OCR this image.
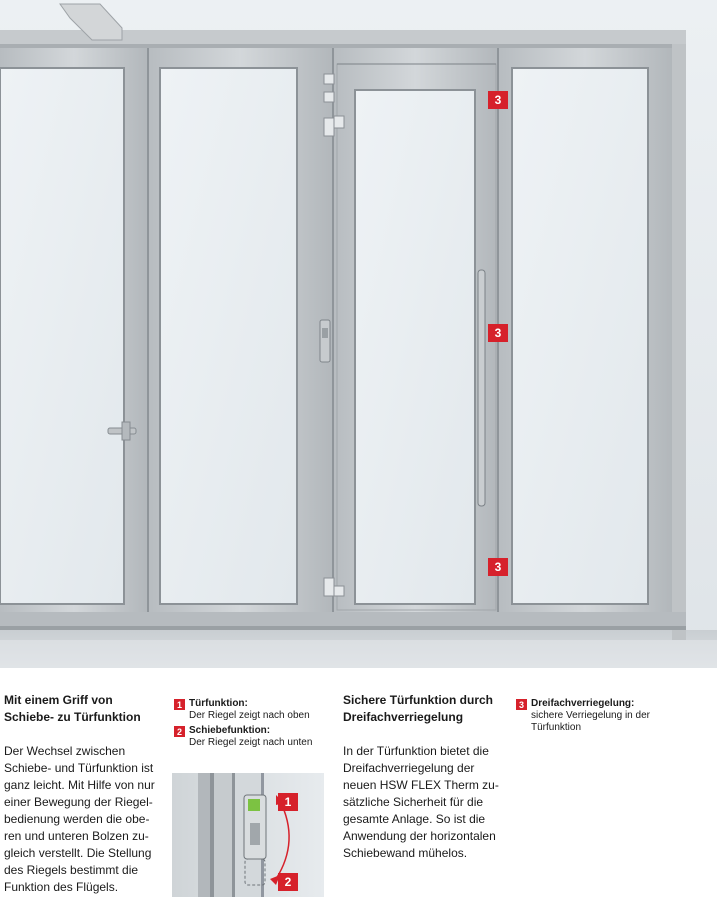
3
3
3

Mit einem Griff von

Schiebe- zu Türfunktion

Der Wechsel zwischen

Schiebe- und Türfunktion ist

ganz leicht. Mit Hilfe von nur

einer Bewegung der Riegel-

bedienung werden die obe-

ren und unteren Bolzen zu-

gleich verstellt. Die Stellung

des Riegels bestimmt die

Funktion des Flügels.

1 Türfunktion:
Der Riegel zeigt nach oben
2 Schiebefunktion:
Der Riegel zeigt nach unten
1
2

Sichere Türfunktion durch

Dreifachverriegelung

In der Türfunktion bietet die

Dreifachverriegelung der

neuen HSW FLEX Therm zu-

sätzliche Sicherheit für die

gesamte Anlage. So ist die

Anwendung der horizontalen

Schiebewand mühelos.

3 Dreifachverriegelung:
sichere Verriegelung in der
Türfunktion
